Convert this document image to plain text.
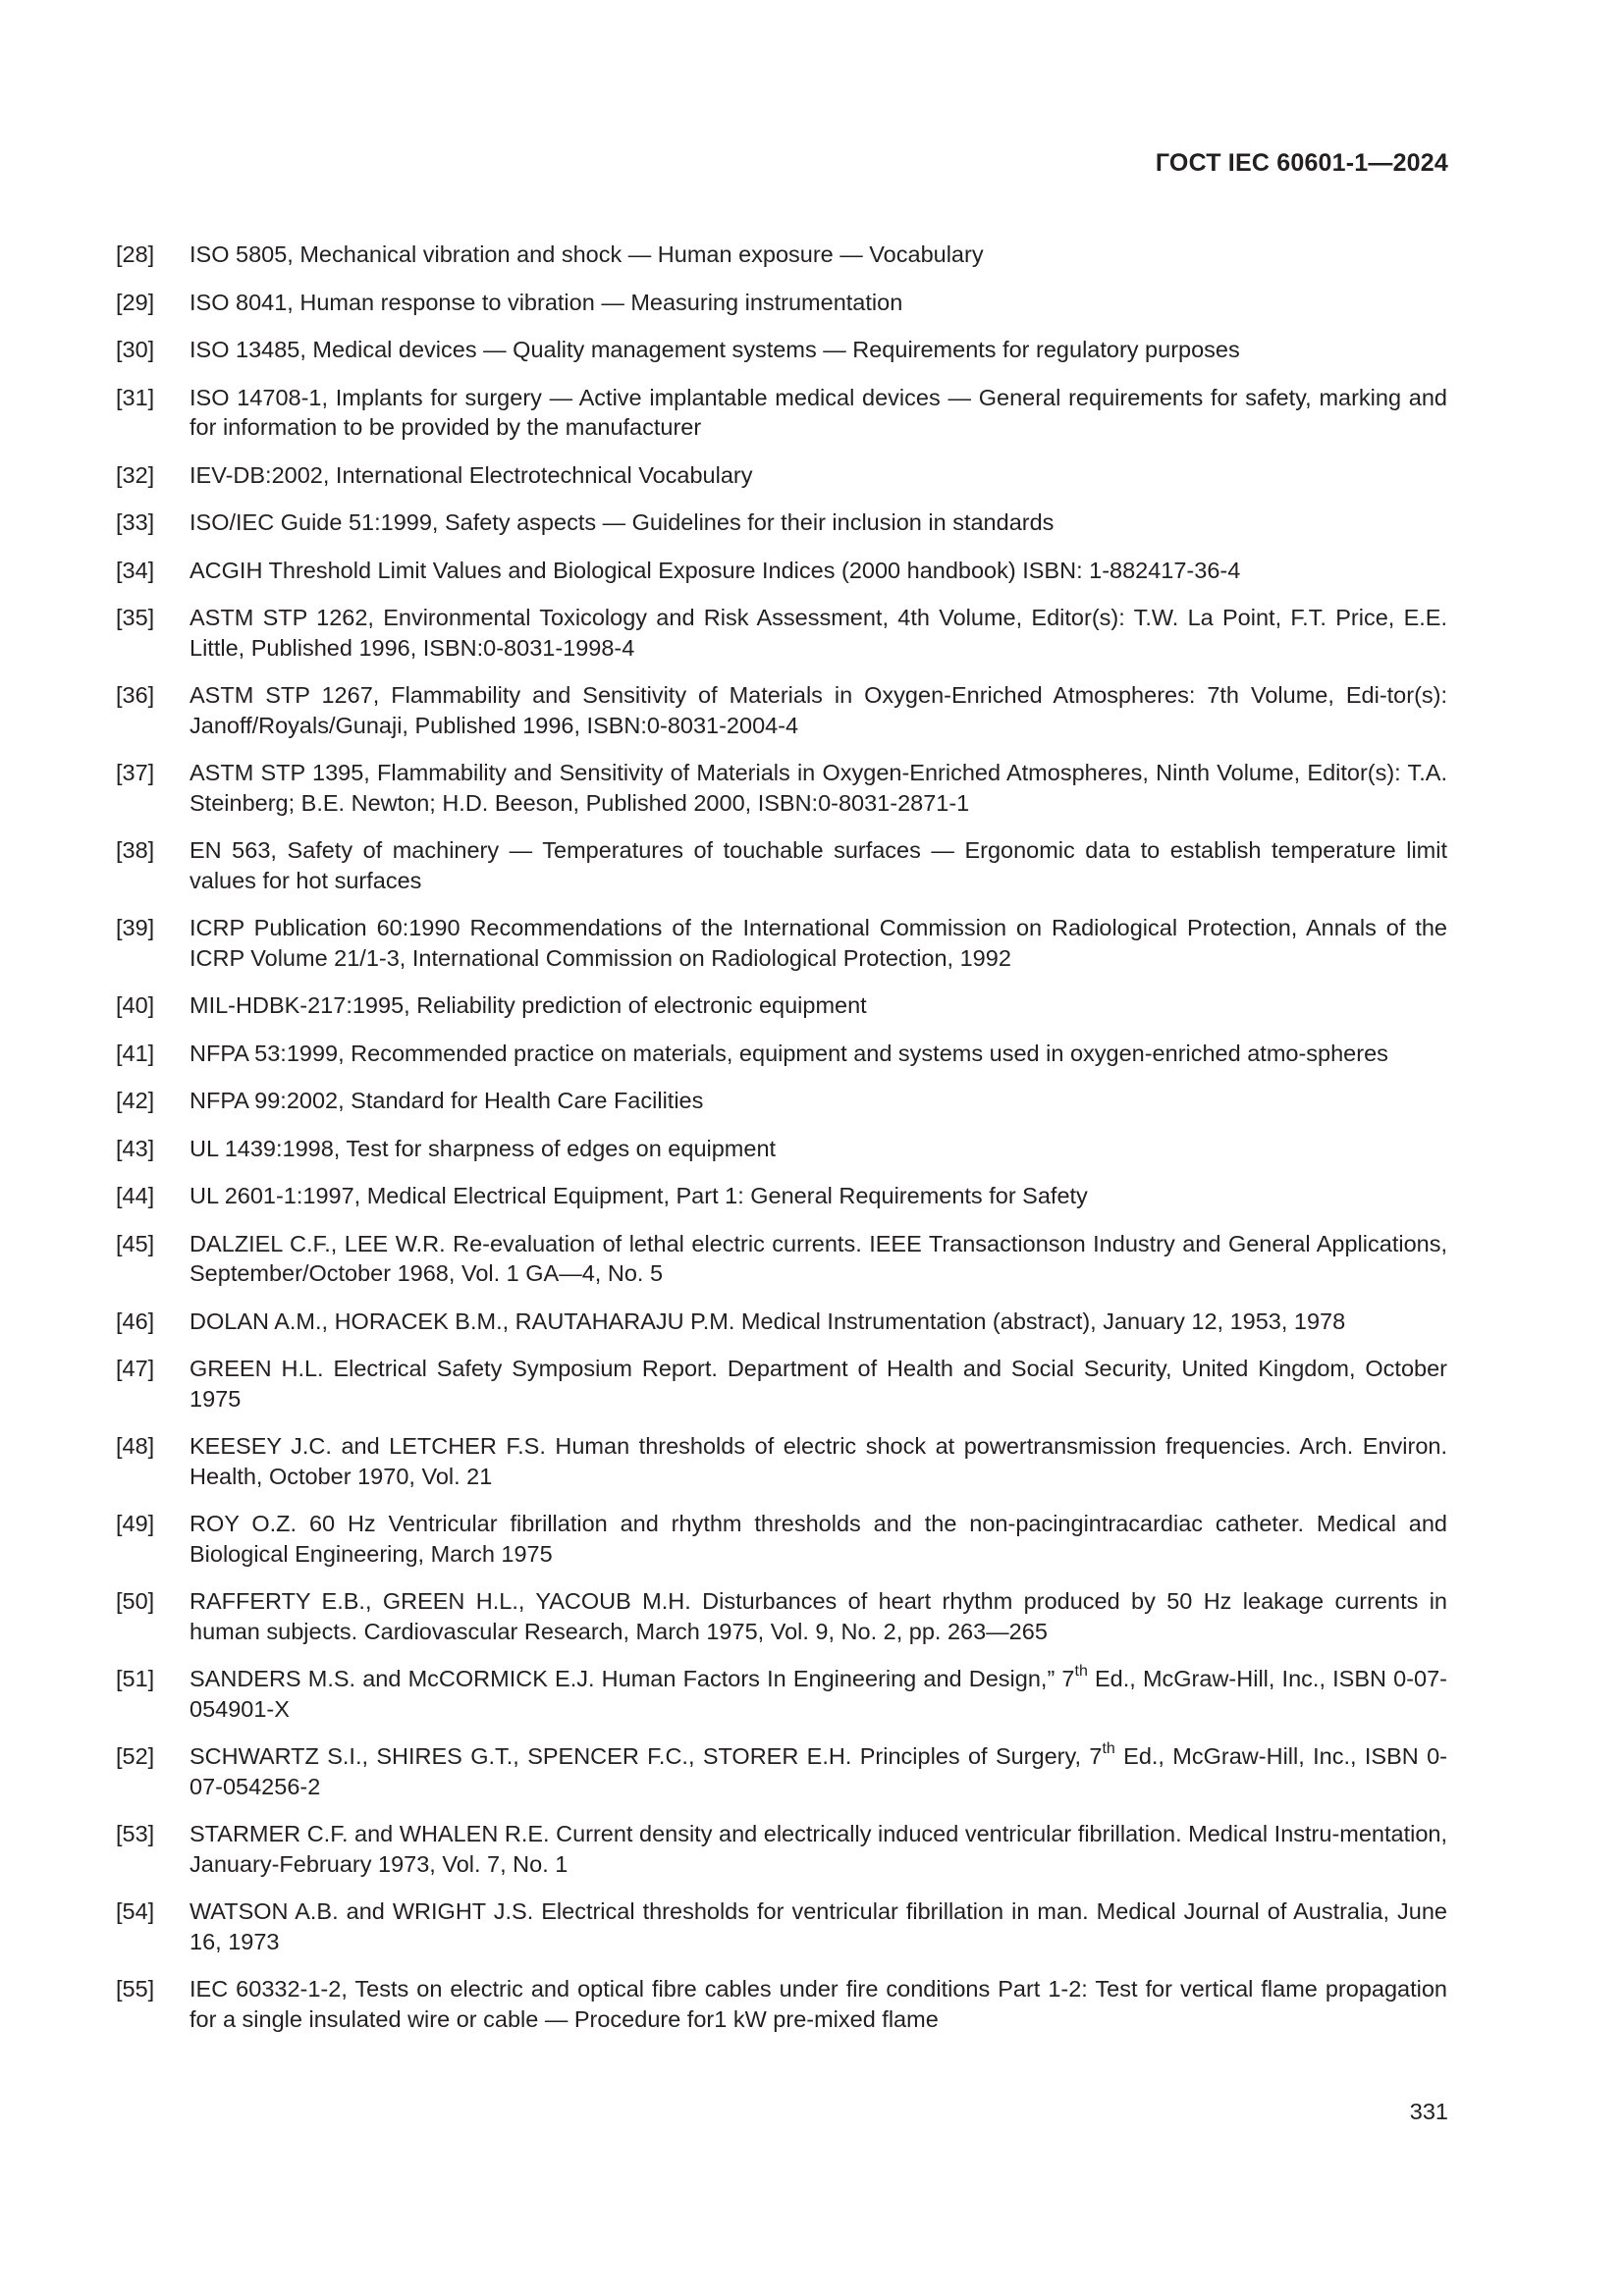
ГОСТ IEC 60601-1—2024
[28]	ISO 5805, Mechanical vibration and shock — Human exposure — Vocabulary
[29]	ISO 8041, Human response to vibration — Measuring instrumentation
[30]	ISO 13485, Medical devices — Quality management systems — Requirements for regulatory purposes
[31]	ISO 14708-1, Implants for surgery — Active implantable medical devices — General requirements for safety, marking and for information to be provided by the manufacturer
[32]	IEV-DB:2002, International Electrotechnical Vocabulary
[33]	ISO/IEC Guide 51:1999, Safety aspects — Guidelines for their inclusion in standards
[34]	ACGIH Threshold Limit Values and Biological Exposure Indices (2000 handbook) ISBN: 1-882417-36-4
[35]	ASTM STP 1262, Environmental Toxicology and Risk Assessment, 4th Volume, Editor(s): T.W. La Point, F.T. Price, E.E. Little, Published 1996, ISBN:0-8031-1998-4
[36]	ASTM STP 1267, Flammability and Sensitivity of Materials in Oxygen-Enriched Atmospheres: 7th Volume, Edi-tor(s): Janoff/Royals/Gunaji, Published 1996, ISBN:0-8031-2004-4
[37]	ASTM STP 1395, Flammability and Sensitivity of Materials in Oxygen-Enriched Atmospheres, Ninth Volume, Editor(s): T.A. Steinberg; B.E. Newton; H.D. Beeson, Published 2000, ISBN:0-8031-2871-1
[38]	EN 563, Safety of machinery — Temperatures of touchable surfaces — Ergonomic data to establish temperature limit values for hot surfaces
[39]	ICRP Publication 60:1990 Recommendations of the International Commission on Radiological Protection, Annals of the ICRP Volume 21/1-3, International Commission on Radiological Protection, 1992
[40]	MIL-HDBK-217:1995, Reliability prediction of electronic equipment
[41]	NFPA 53:1999, Recommended practice on materials, equipment and systems used in oxygen-enriched atmo-spheres
[42]	NFPA 99:2002, Standard for Health Care Facilities
[43]	UL 1439:1998, Test for sharpness of edges on equipment
[44]	UL 2601-1:1997, Medical Electrical Equipment, Part 1: General Requirements for Safety
[45]	DALZIEL C.F., LEE W.R. Re-evaluation of lethal electric currents. IEEE Transactionson Industry and General Applications, September/October 1968, Vol. 1 GA—4, No. 5
[46]	DOLAN A.M., HORACEK B.M., RAUTAHARAJU P.M. Medical Instrumentation (abstract), January 12, 1953, 1978
[47]	GREEN H.L. Electrical Safety Symposium Report. Department of Health and Social Security, United Kingdom, October 1975
[48]	KEESEY J.C. and LETCHER F.S. Human thresholds of electric shock at powertransmission frequencies. Arch. Environ. Health, October 1970, Vol. 21
[49]	ROY O.Z. 60 Hz Ventricular fibrillation and rhythm thresholds and the non-pacingintracardiac catheter. Medical and Biological Engineering, March 1975
[50]	RAFFERTY E.B., GREEN H.L., YACOUB M.H. Disturbances of heart rhythm produced by 50 Hz leakage currents in human subjects. Cardiovascular Research, March 1975, Vol. 9, No. 2, pp. 263—265
[51]	SANDERS M.S. and McCORMICK E.J. Human Factors In Engineering and Design,” 7th Ed., McGraw-Hill, Inc., ISBN 0-07-054901-X
[52]	SCHWARTZ S.I., SHIRES G.T., SPENCER F.C., STORER E.H. Principles of Surgery, 7th Ed., McGraw-Hill, Inc., ISBN 0-07-054256-2
[53]	STARMER C.F. and WHALEN R.E. Current density and electrically induced ventricular fibrillation. Medical Instru-mentation, January-February 1973, Vol. 7, No. 1
[54]	WATSON A.B. and WRIGHT J.S. Electrical thresholds for ventricular fibrillation in man. Medical Journal of Australia, June 16, 1973
[55]	IEC 60332-1-2, Tests on electric and optical fibre cables under fire conditions Part 1-2: Test for vertical flame propagation for a single insulated wire or cable — Procedure for1 kW pre-mixed flame
331
